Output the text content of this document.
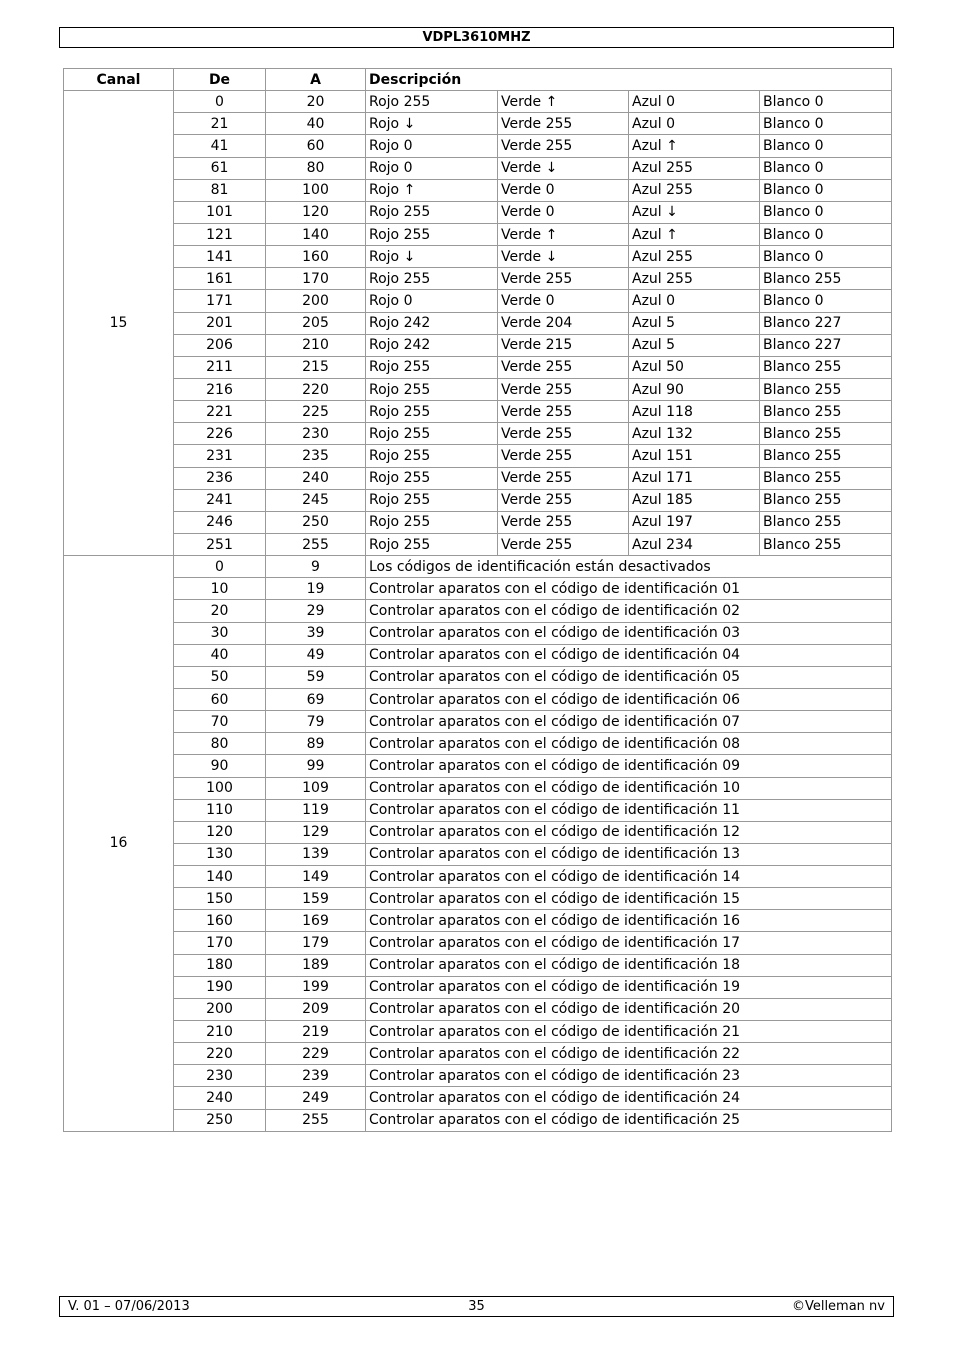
VDPL3610MHZ
Canal	De	A	Descripción			
15	0	20	Rojo 255	Verde ↑	Azul 0	Blanco 0
	21	40	Rojo ↓	Verde 255	Azul 0	Blanco 0
	41	60	Rojo 0	Verde 255	Azul ↑	Blanco 0
	61	80	Rojo 0	Verde ↓	Azul 255	Blanco 0
	81	100	Rojo ↑	Verde 0	Azul 255	Blanco 0
	101	120	Rojo 255	Verde 0	Azul ↓	Blanco 0
	121	140	Rojo 255	Verde ↑	Azul ↑	Blanco 0
	141	160	Rojo ↓	Verde ↓	Azul 255	Blanco 0
	161	170	Rojo 255	Verde 255	Azul 255	Blanco 255
	171	200	Rojo 0	Verde 0	Azul 0	Blanco 0
	201	205	Rojo 242	Verde 204	Azul 5	Blanco 227
	206	210	Rojo 242	Verde 215	Azul 5	Blanco 227
	211	215	Rojo 255	Verde 255	Azul 50	Blanco 255
	216	220	Rojo 255	Verde 255	Azul 90	Blanco 255
	221	225	Rojo 255	Verde 255	Azul 118	Blanco 255
	226	230	Rojo 255	Verde 255	Azul 132	Blanco 255
	231	235	Rojo 255	Verde 255	Azul 151	Blanco 255
	236	240	Rojo 255	Verde 255	Azul 171	Blanco 255
	241	245	Rojo 255	Verde 255	Azul 185	Blanco 255
	246	250	Rojo 255	Verde 255	Azul 197	Blanco 255
	251	255	Rojo 255	Verde 255	Azul 234	Blanco 255
16	0	9	Los códigos de identificación están desactivados			
	10	19	Controlar aparatos con el código de identificación 01			
	20	29	Controlar aparatos con el código de identificación 02			
	30	39	Controlar aparatos con el código de identificación 03			
	40	49	Controlar aparatos con el código de identificación 04			
	50	59	Controlar aparatos con el código de identificación 05			
	60	69	Controlar aparatos con el código de identificación 06			
	70	79	Controlar aparatos con el código de identificación 07			
	80	89	Controlar aparatos con el código de identificación 08			
	90	99	Controlar aparatos con el código de identificación 09			
	100	109	Controlar aparatos con el código de identificación 10			
	110	119	Controlar aparatos con el código de identificación 11			
	120	129	Controlar aparatos con el código de identificación 12			
	130	139	Controlar aparatos con el código de identificación 13			
	140	149	Controlar aparatos con el código de identificación 14			
	150	159	Controlar aparatos con el código de identificación 15			
	160	169	Controlar aparatos con el código de identificación 16			
	170	179	Controlar aparatos con el código de identificación 17			
	180	189	Controlar aparatos con el código de identificación 18			
	190	199	Controlar aparatos con el código de identificación 19			
	200	209	Controlar aparatos con el código de identificación 20			
	210	219	Controlar aparatos con el código de identificación 21			
	220	229	Controlar aparatos con el código de identificación 22			
	230	239	Controlar aparatos con el código de identificación 23			
	240	249	Controlar aparatos con el código de identificación 24			
	250	255	Controlar aparatos con el código de identificación 25			
V. 01 – 07/06/2013	35	©Velleman nv
